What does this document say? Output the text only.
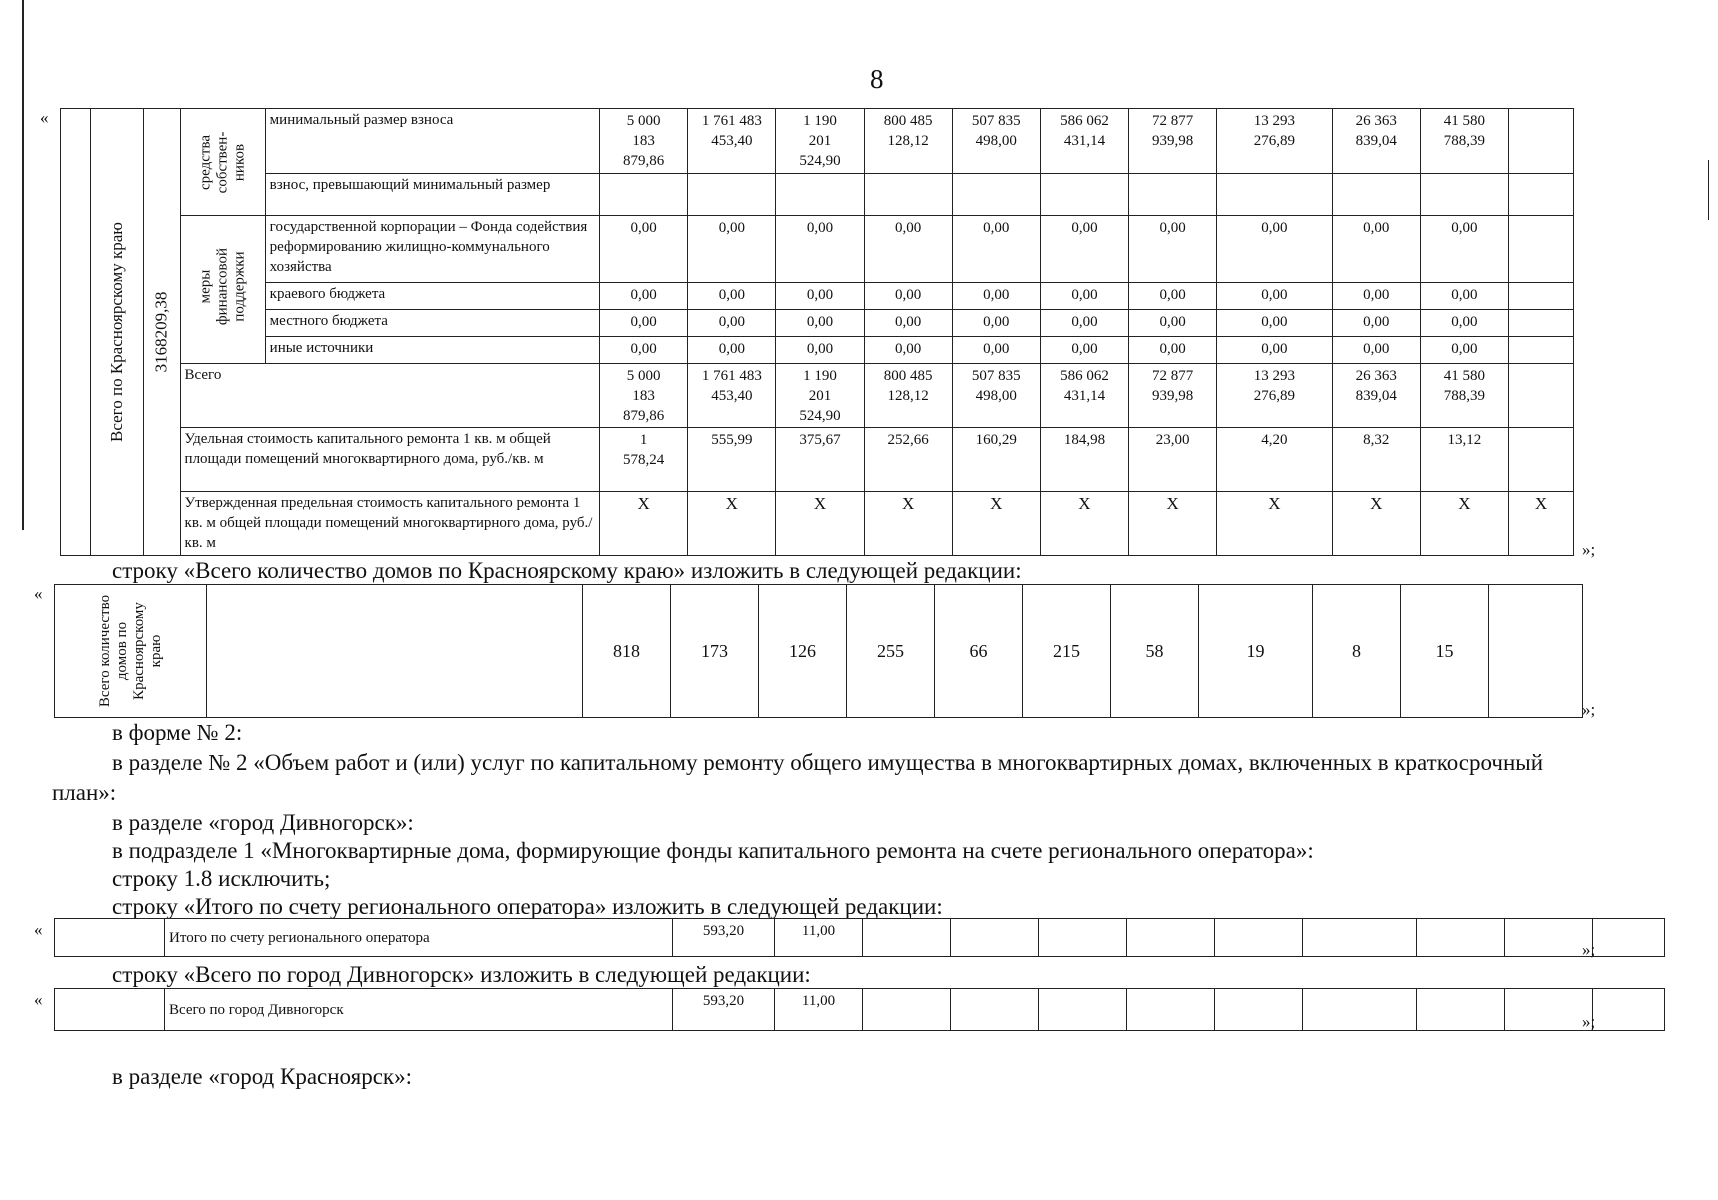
8
«

	Всего по Красноярскому краю	3168209,38	средства собствен-ников	минимальный размер взноса	5 000
183
879,86	1 761 483
453,40	1 190
201
524,90	800 485
128,12	507 835
498,00	586 062
431,14	72 877
939,98	13 293
276,89	26 363
839,04	41 580
788,39	
				взнос, превышающий минимальный размер											

			меры финансовой поддержки	государственной корпорации – Фонда содействия реформированию жилищно-коммунального хозяйства	0,00	0,00	0,00	0,00	0,00	0,00	0,00	0,00	0,00	0,00	
				краевого бюджета	0,00	0,00	0,00	0,00	0,00	0,00	0,00	0,00	0,00	0,00	
				местного бюджета	0,00	0,00	0,00	0,00	0,00	0,00	0,00	0,00	0,00	0,00	
				иные источники	0,00	0,00	0,00	0,00	0,00	0,00	0,00	0,00	0,00	0,00	
			Всего		5 000
183
879,86	1 761 483
453,40	1 190
201
524,90	800 485
128,12	507 835
498,00	586 062
431,14	72 877
939,98	13 293
276,89	26 363
839,04	41 580
788,39	
			Удельная стоимость капитального ремонта 1 кв. м общей площади помещений многоквартирного дома, руб./кв. м		1
578,24	555,99	375,67	252,66	160,29	184,98	23,00	4,20	8,32	13,12	
			Утвержденная предельная стоимость капитального ремонта 1 кв. м общей площади помещений многоквартирного дома, руб./кв. м		X	X	X	X	X	X	X	X	X	X	X
»;
строку «Всего количество домов по Красноярскому краю» изложить в следующей редакции:
«
Всего количество домов по Красноярскому краю		818	173	126	255	66	215	58	19	8	15	
»;
в форме № 2:
в разделе № 2 «Объем работ и (или) услуг по капитальному ремонту общего имущества в многоквартирных домах, включенных в краткосрочный
план»:
в разделе «город Дивногорск»:
в подразделе 1 «Многоквартирные дома, формирующие фонды капитального ремонта на счете регионального оператора»:
строку 1.8 исключить;
строку «Итого по счету регионального оператора» изложить в следующей редакции:
«
		Итого по счету регионального оператора	593,20	11,00									
»;
строку «Всего по город Дивногорск» изложить в следующей редакции:
«
	Всего по город Дивногорск	593,20	11,00									
»;
в разделе «город Красноярск»:
